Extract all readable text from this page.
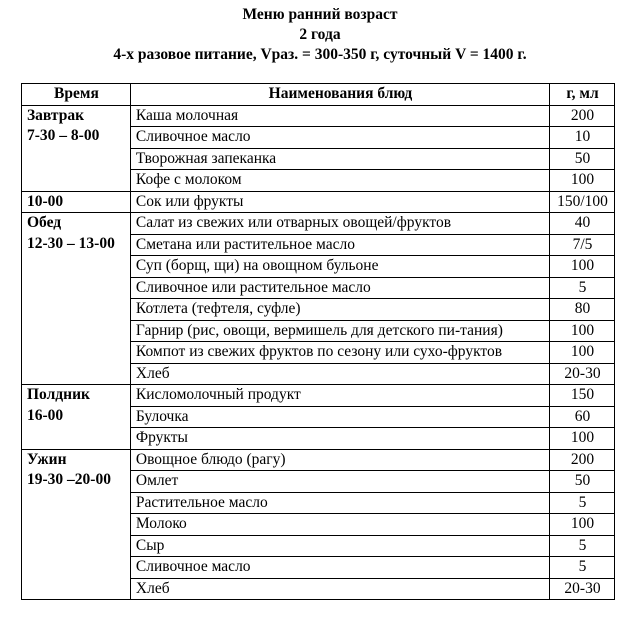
Меню ранний возраст
2 года
4-х разовое питание, Vраз. = 300-350 г, суточный V = 1400 г.
Время	Наименования блюд	г, мл
Завтрак
7-30 – 8-00	Каша молочная	200
	Сливочное масло	10
	Творожная запеканка	50
	Кофе с молоком	100
10-00	Сок или фрукты	150/100
Обед
12-30 – 13-00	Салат из свежих или отварных овощей/фруктов	40
	Сметана или растительное масло	7/5
	Суп (борщ, щи) на овощном бульоне	100
	Сливочное или растительное масло	5
	Котлета (тефтеля, суфле)	80
	Гарнир (рис, овощи, вермишель для детского пи-тания)	100
	Компот из свежих фруктов по сезону или сухо-фруктов	100
	Хлеб	20-30
Полдник
16-00	Кисломолочный продукт	150
	Булочка	60
	Фрукты	100
Ужин
19-30 –20-00	Овощное блюдо (рагу)	200
	Омлет	50
	Растительное масло	5
	Молоко	100
	Сыр	5
	Сливочное масло	5
	Хлеб	20-30
